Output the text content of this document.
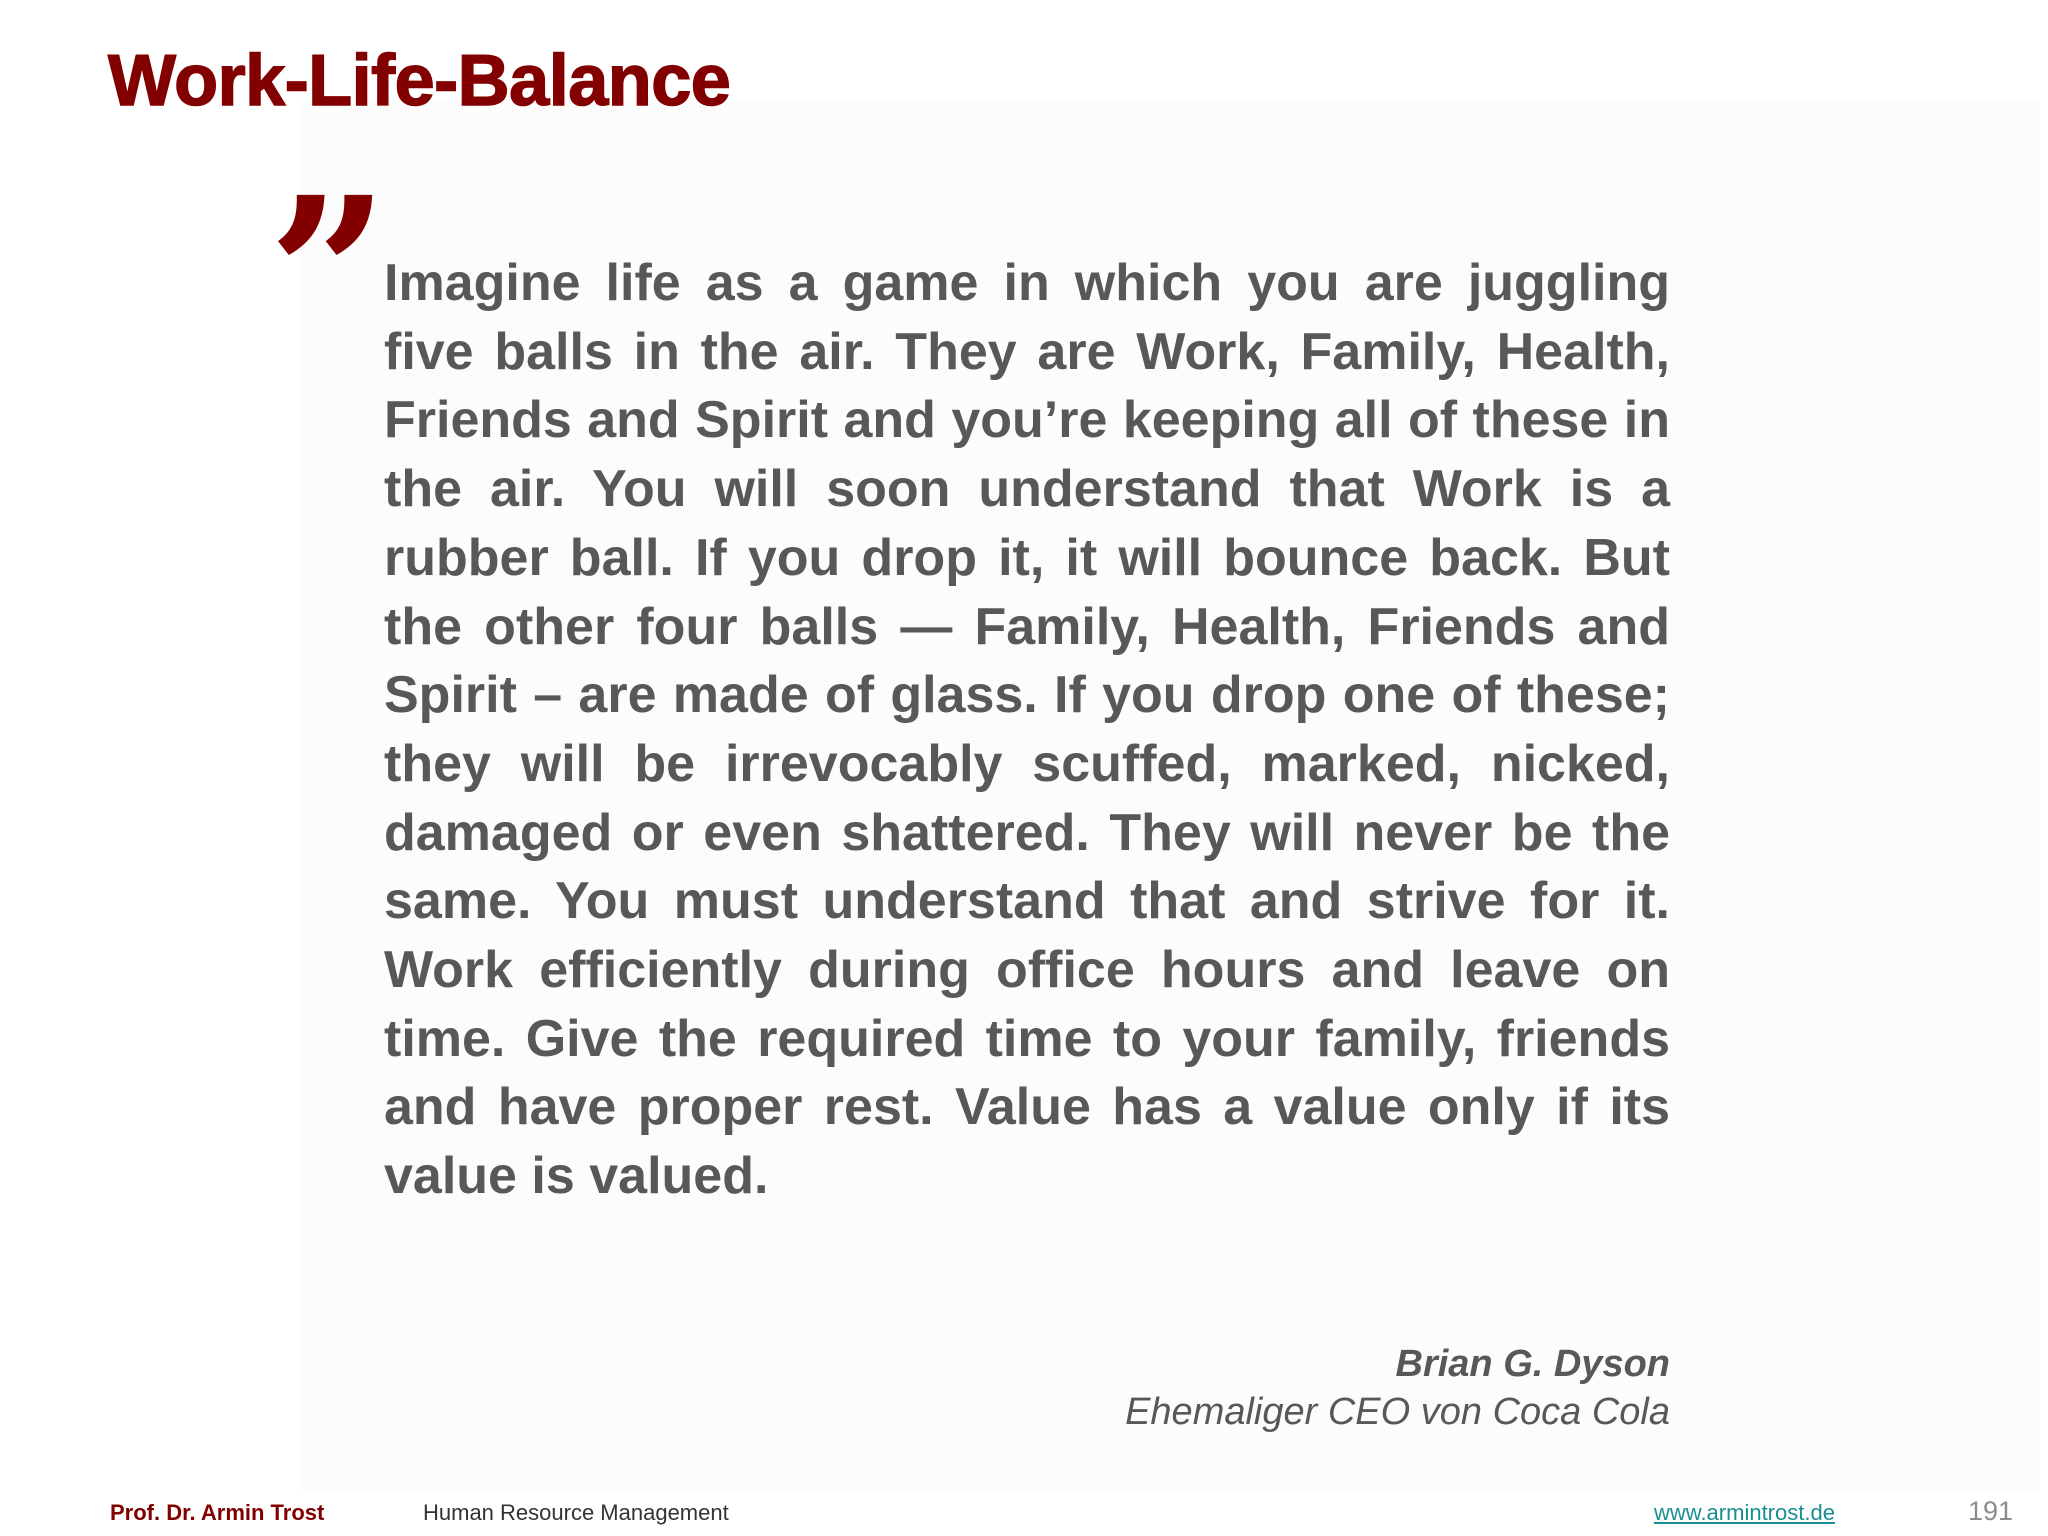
Work-Life-Balance
”

Imagine life as a game in which you are juggling five balls in the air. They are Work, Family, Health, Friends and Spirit and you’re keeping all of these in the air. You will soon understand that Work is a rubber ball. If you drop it, it will bounce back. But the other four balls — Family, Health, Friends and Spirit – are made of glass. If you drop one of these; they will be irrevocably scuffed, marked, nicked, damaged or even shattered. They will never be the same. You must understand that and strive for it. Work efficiently during office hours and leave on time. Give the required time to your family, friends and have proper rest. Value has a value only if its value is valued.

Brian G. Dyson
Ehemaliger CEO von Coca Cola
Prof. Dr. Armin Trost	Human Resource Management	www.armintrost.de	191
